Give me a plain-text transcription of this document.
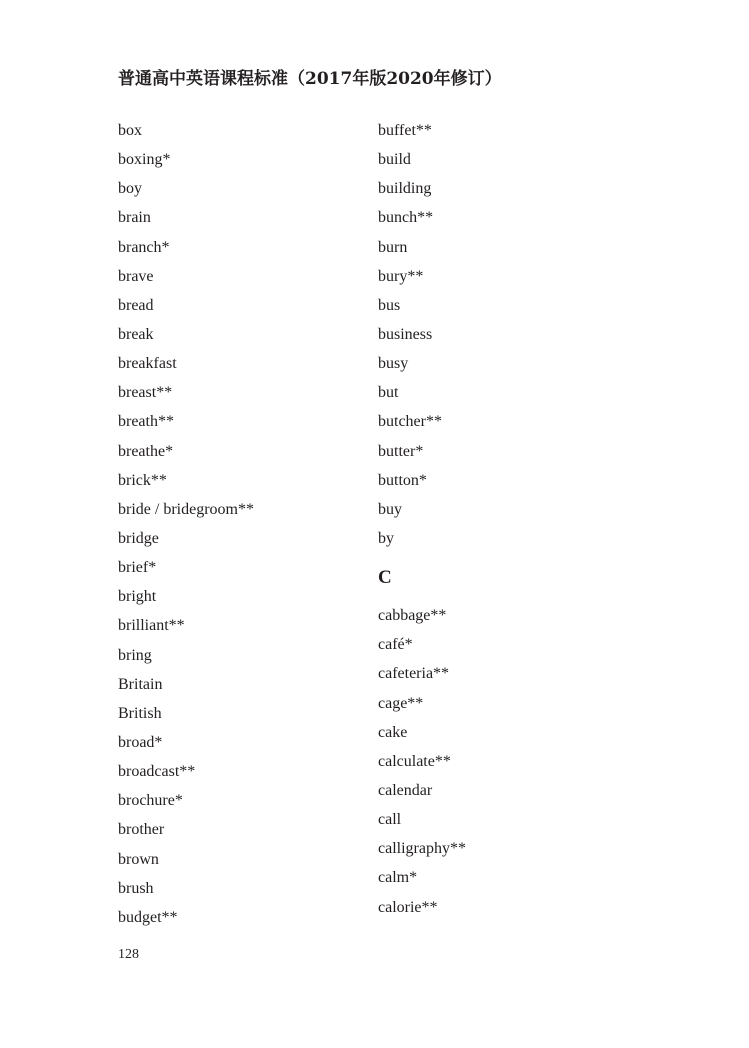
普通高中英语课程标准（2017年版2020年修订）
box
boxing*
boy
brain
branch*
brave
bread
break
breakfast
breast**
breath**
breathe*
brick**
bride / bridegroom**
bridge
brief*
bright
brilliant**
bring
Britain
British
broad*
broadcast**
brochure*
brother
brown
brush
budget**
buffet**
build
building
bunch**
burn
bury**
bus
business
busy
but
butcher**
butter*
button*
buy
by
C
cabbage**
café*
cafeteria**
cage**
cake
calculate**
calendar
call
calligraphy**
calm*
calorie**
128
